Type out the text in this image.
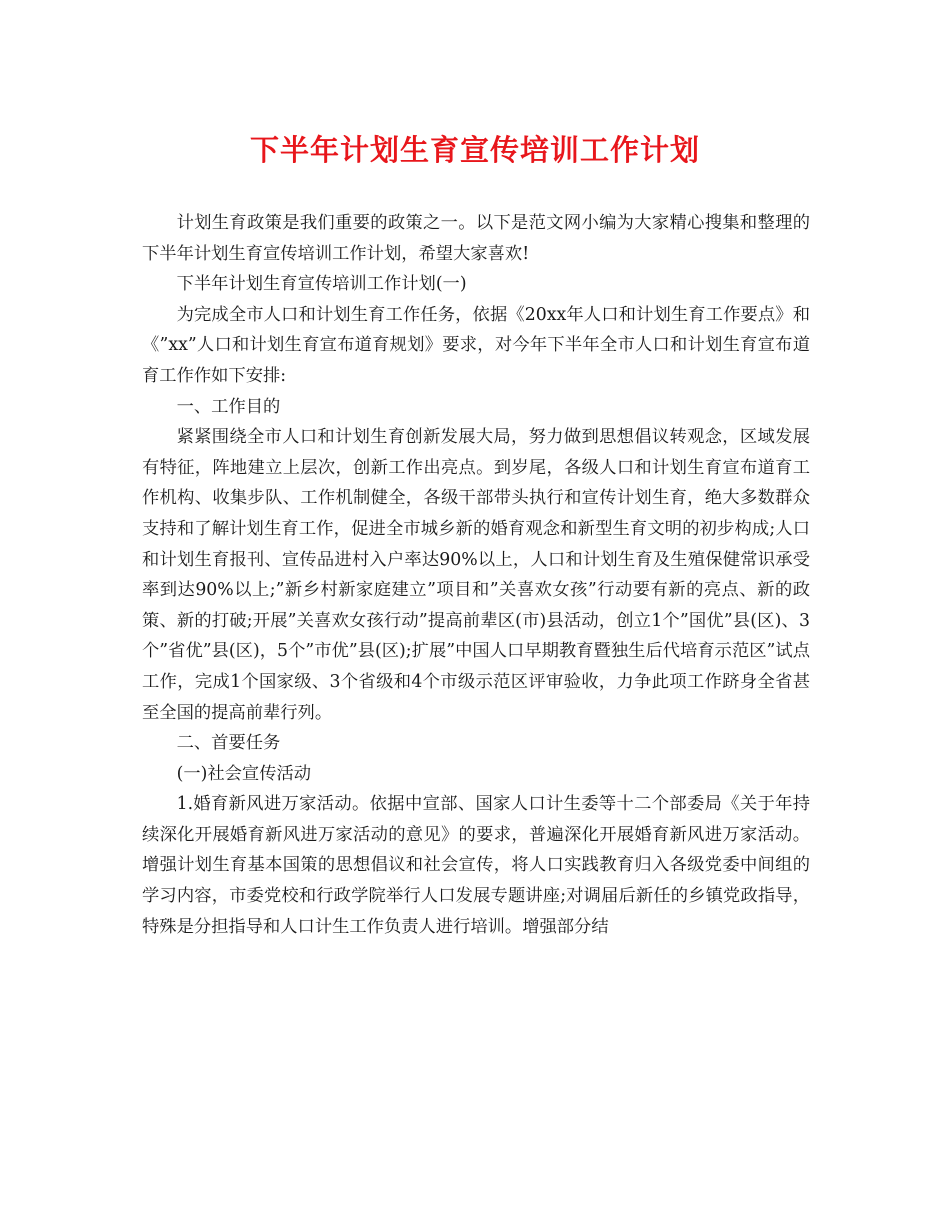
下半年计划生育宣传培训工作计划

计划生育政策是我们重要的政策之一。以下是范文网小编为大家精心搜集和整理的下半年计划生育宣传培训工作计划，希望大家喜欢!

下半年计划生育宣传培训工作计划(一)

为完成全市人口和计划生育工作任务，依据《20xx年人口和计划生育工作要点》和《”xx”人口和计划生育宣布道育规划》要求，对今年下半年全市人口和计划生育宣布道育工作作如下安排:

一、工作目的

紧紧围绕全市人口和计划生育创新发展大局，努力做到思想倡议转观念，区域发展有特征，阵地建立上层次，创新工作出亮点。到岁尾，各级人口和计划生育宣布道育工作机构、收集步队、工作机制健全，各级干部带头执行和宣传计划生育，绝大多数群众支持和了解计划生育工作，促进全市城乡新的婚育观念和新型生育文明的初步构成;人口和计划生育报刊、宣传品进村入户率达90%以上，人口和计划生育及生殖保健常识承受率到达90%以上;”新乡村新家庭建立”项目和”关喜欢女孩”行动要有新的亮点、新的政策、新的打破;开展”关喜欢女孩行动”提高前辈区(市)县活动，创立1个”国优”县(区)、3个”省优”县(区)，5个”市优”县(区);扩展”中国人口早期教育暨独生后代培育示范区”试点工作，完成1个国家级、3个省级和4个市级示范区评审验收，力争此项工作跻身全省甚至全国的提高前辈行列。

二、首要任务

(一)社会宣传活动

1.婚育新风进万家活动。依据中宣部、国家人口计生委等十二个部委局《关于年持续深化开展婚育新风进万家活动的意见》的要求，普遍深化开展婚育新风进万家活动。增强计划生育基本国策的思想倡议和社会宣传，将人口实践教育归入各级党委中间组的学习内容，市委党校和行政学院举行人口发展专题讲座;对调届后新任的乡镇党政指导，特殊是分担指导和人口计生工作负责人进行培训。增强部分结
